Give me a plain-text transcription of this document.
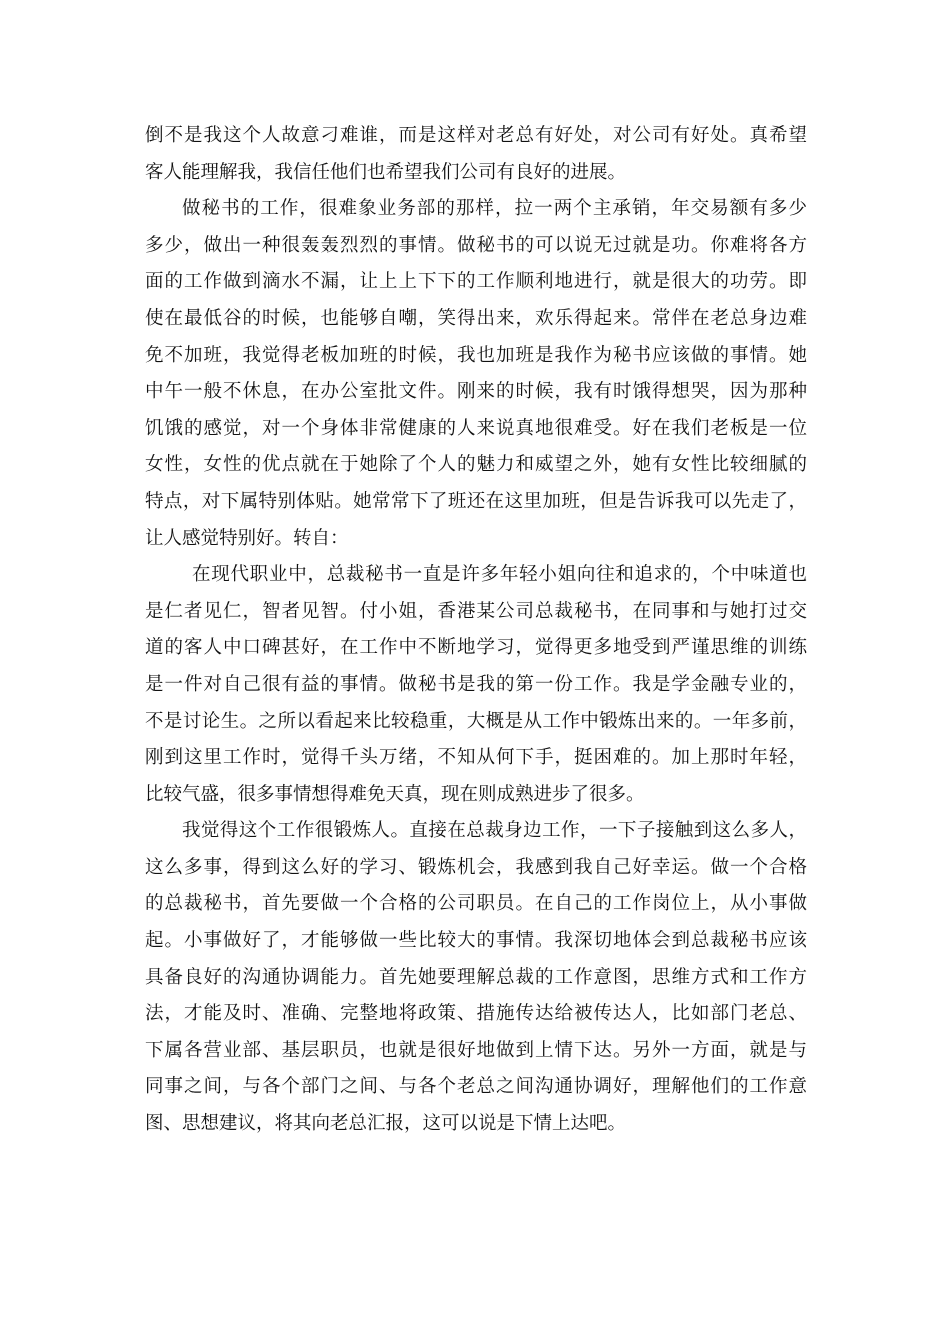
倒不是我这个人故意刁难谁，而是这样对老总有好处，对公司有好处。真希望
客人能理解我，我信任他们也希望我们公司有良好的进展。
做秘书的工作，很难象业务部的那样，拉一两个主承销，年交易额有多少
多少，做出一种很轰轰烈烈的事情。做秘书的可以说无过就是功。你难将各方
面的工作做到滴水不漏，让上上下下的工作顺利地进行，就是很大的功劳。即
使在最低谷的时候，也能够自嘲，笑得出来，欢乐得起来。常伴在老总身边难
免不加班，我觉得老板加班的时候，我也加班是我作为秘书应该做的事情。她
中午一般不休息，在办公室批文件。刚来的时候，我有时饿得想哭，因为那种
饥饿的感觉，对一个身体非常健康的人来说真地很难受。好在我们老板是一位
女性，女性的优点就在于她除了个人的魅力和威望之外，她有女性比较细腻的
特点，对下属特别体贴。她常常下了班还在这里加班，但是告诉我可以先走了，
让人感觉特别好。转自：
在现代职业中，总裁秘书一直是许多年轻小姐向往和追求的，个中味道也
是仁者见仁，智者见智。付小姐，香港某公司总裁秘书，在同事和与她打过交
道的客人中口碑甚好，在工作中不断地学习，觉得更多地受到严谨思维的训练
是一件对自己很有益的事情。做秘书是我的第一份工作。我是学金融专业的，
不是讨论生。之所以看起来比较稳重，大概是从工作中锻炼出来的。一年多前，
刚到这里工作时，觉得千头万绪，不知从何下手，挺困难的。加上那时年轻，
比较气盛，很多事情想得难免天真，现在则成熟进步了很多。
我觉得这个工作很锻炼人。直接在总裁身边工作，一下子接触到这么多人，
这么多事，得到这么好的学习、锻炼机会，我感到我自己好幸运。做一个合格
的总裁秘书，首先要做一个合格的公司职员。在自己的工作岗位上，从小事做
起。小事做好了，才能够做一些比较大的事情。我深切地体会到总裁秘书应该
具备良好的沟通协调能力。首先她要理解总裁的工作意图，思维方式和工作方
法，才能及时、准确、完整地将政策、措施传达给被传达人，比如部门老总、
下属各营业部、基层职员，也就是很好地做到上情下达。另外一方面，就是与
同事之间，与各个部门之间、与各个老总之间沟通协调好，理解他们的工作意
图、思想建议，将其向老总汇报，这可以说是下情上达吧。
